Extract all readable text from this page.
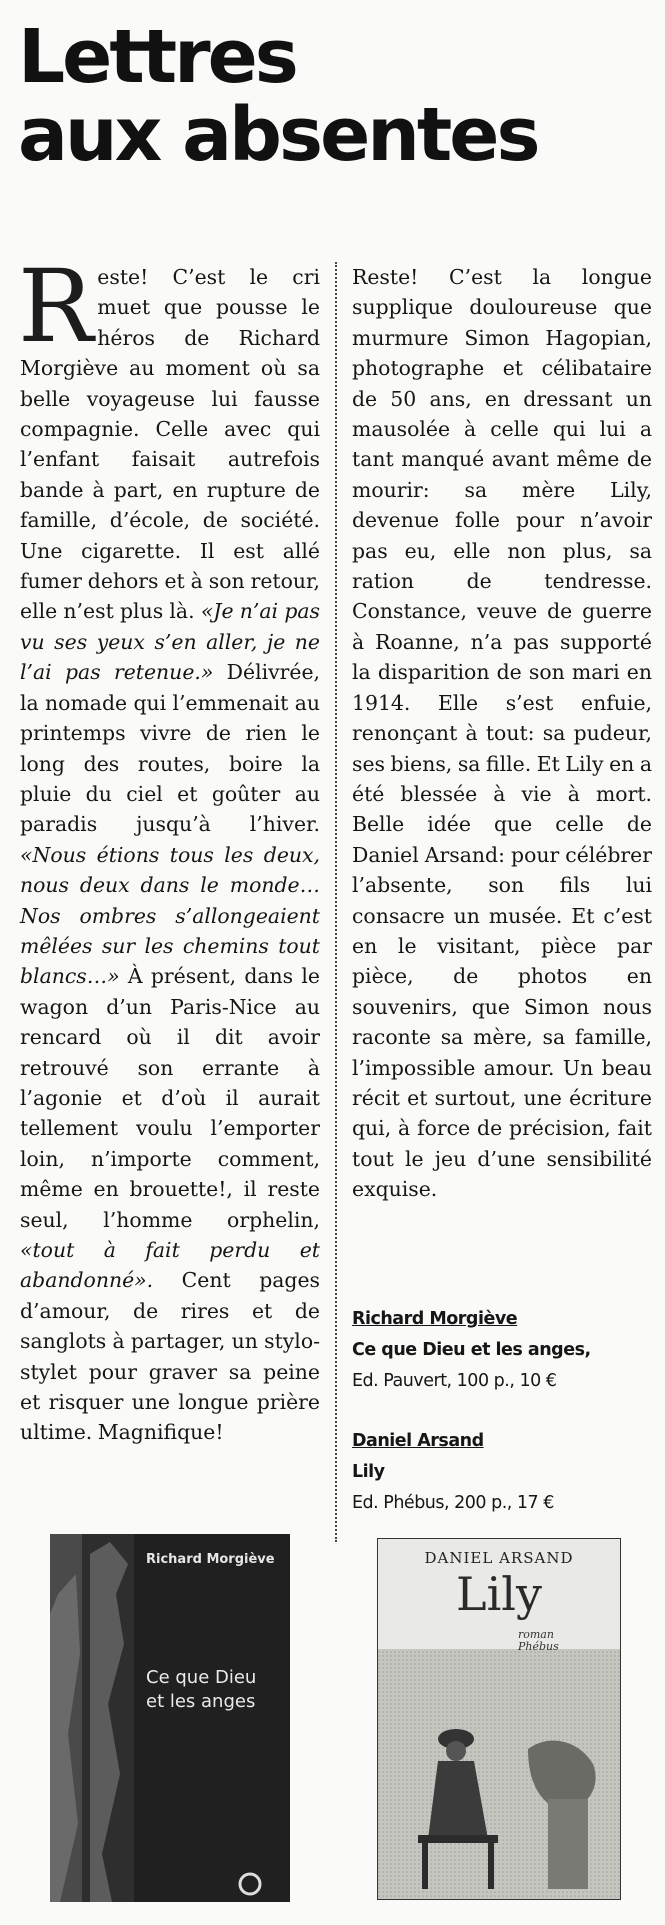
Lettres
aux absentes

Reste! C’est le cri muet que pousse le héros de Richard Morgiève au moment où sa belle voyageuse lui fausse compagnie. Celle avec qui l’enfant faisait autrefois bande à part, en rupture de famille, d’école, de société. Une cigarette. Il est allé fumer dehors et à son retour, elle n’est plus là. «Je n’ai pas vu ses yeux s’en aller, je ne l’ai pas retenue.» Délivrée, la nomade qui l’emmenait au printemps vivre de rien le long des routes, boire la pluie du ciel et goûter au paradis jusqu’à l’hiver. «Nous étions tous les deux, nous deux dans le monde… Nos ombres s’allongeaient mêlées sur les chemins tout blancs…» À présent, dans le wagon d’un Paris-Nice au rencard où il dit avoir retrouvé son errante à l’agonie et d’où il aurait tellement voulu l’emporter loin, n’importe comment, même en brouette!, il reste seul, l’homme orphelin, «tout à fait perdu et abandonné». Cent pages d’amour, de rires et de sanglots à partager, un stylo-stylet pour graver sa peine et risquer une longue prière ultime. Magnifique!

Reste! C’est la longue supplique douloureuse que murmure Simon Hagopian, photographe et célibataire de 50 ans, en dressant un mausolée à celle qui lui a tant manqué avant même de mourir: sa mère Lily, devenue folle pour n’avoir pas eu, elle non plus, sa ration de tendresse. Constance, veuve de guerre à Roanne, n’a pas supporté la disparition de son mari en 1914. Elle s’est enfuie, renonçant à tout: sa pudeur, ses biens, sa fille. Et Lily en a été blessée à vie à mort. Belle idée que celle de Daniel Arsand: pour célébrer l’absente, son fils lui consacre un musée. Et c’est en le visitant, pièce par pièce, de photos en souvenirs, que Simon nous raconte sa mère, sa famille, l’impossible amour. Un beau récit et surtout, une écriture qui, à force de précision, fait tout le jeu d’une sensibilité exquise.

Richard Morgiève
Ce que Dieu et les anges,
Ed. Pauvert, 100 p., 10 €
Daniel Arsand
Lily
Ed. Phébus, 200 p., 17 €
Richard Morgiève
Ce que Dieu
et les anges
DANIEL ARSAND
Lily
roman
Phébus
